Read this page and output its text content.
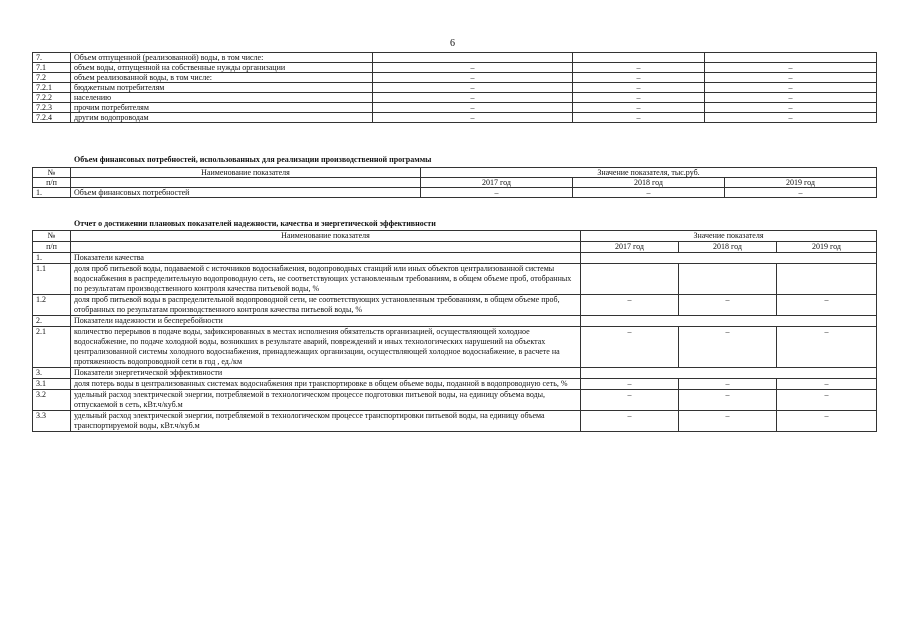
6
7.	Объем отпущенной (реализованной) воды, в том числе:			
7.1	объем воды, отпущенной на собственные нужды организации	–	–	–
7.2	объем реализованной воды, в том числе:	–	–	–
7.2.1	бюджетным потребителям	–	–	–
7.2.2	населению	–	–	–
7.2.3	прочим потребителям	–	–	–
7.2.4	другим водопроводам	–	–	–
Объем финансовых потребностей, использованных для реализации производственной программы
№	Наименование показателя	Значение показателя, тыс.руб.		
п/п		2017 год	2018 год	2019 год
1.	Объем финансовых потребностей	–	–	–
Отчет о достижении плановых показателей надежности, качества и энергетической эффективности
№	Наименование показателя	Значение показателя		
п/п		2017 год	2018 год	2019 год
1.	Показатели качества			
1.1	доля проб питьевой воды, подаваемой с источников водоснабжения, водопроводных станций или иных объектов централизованной системы водоснабжения в распределительную водопроводную сеть, не соответствующих установленным требованиям, в общем объеме проб, отобранных по результатам производственного контроля качества питьевой воды, %			
1.2	доля проб питьевой воды в распределительной водопроводной сети, не соответствующих установленным требованиям, в общем объеме проб, отобранных по результатам производственного контроля качества питьевой воды, %	–	–	–
2.	Показатели надежности и бесперебойности			
2.1	количество перерывов в подаче воды, зафиксированных в местах исполнения обязательств организацией, осуществляющей холодное водоснабжение, по подаче холодной воды, возникших в результате аварий, повреждений и иных технологических нарушений на объектах централизованной системы холодного водоснабжения, принадлежащих организации, осуществляющей холодное водоснабжение, в расчете на протяженность водопроводной сети в год , ед./км	–	–	–
3.	Показатели энергетической эффективности			
3.1	доля потерь воды в централизованных системах водоснабжения при транспортировке в общем объеме воды, поданной в водопроводную сеть, %	–	–	–
3.2	удельный расход электрической энергии, потребляемой в технологическом процессе подготовки питьевой воды, на единицу объема воды, отпускаемой в сеть, кВт.ч/куб.м	–	–	–
3.3	удельный расход электрической энергии, потребляемой в технологическом процессе транспортировки питьевой воды, на единицу объема транспортируемой воды, кВт.ч/куб.м	–	–	–
